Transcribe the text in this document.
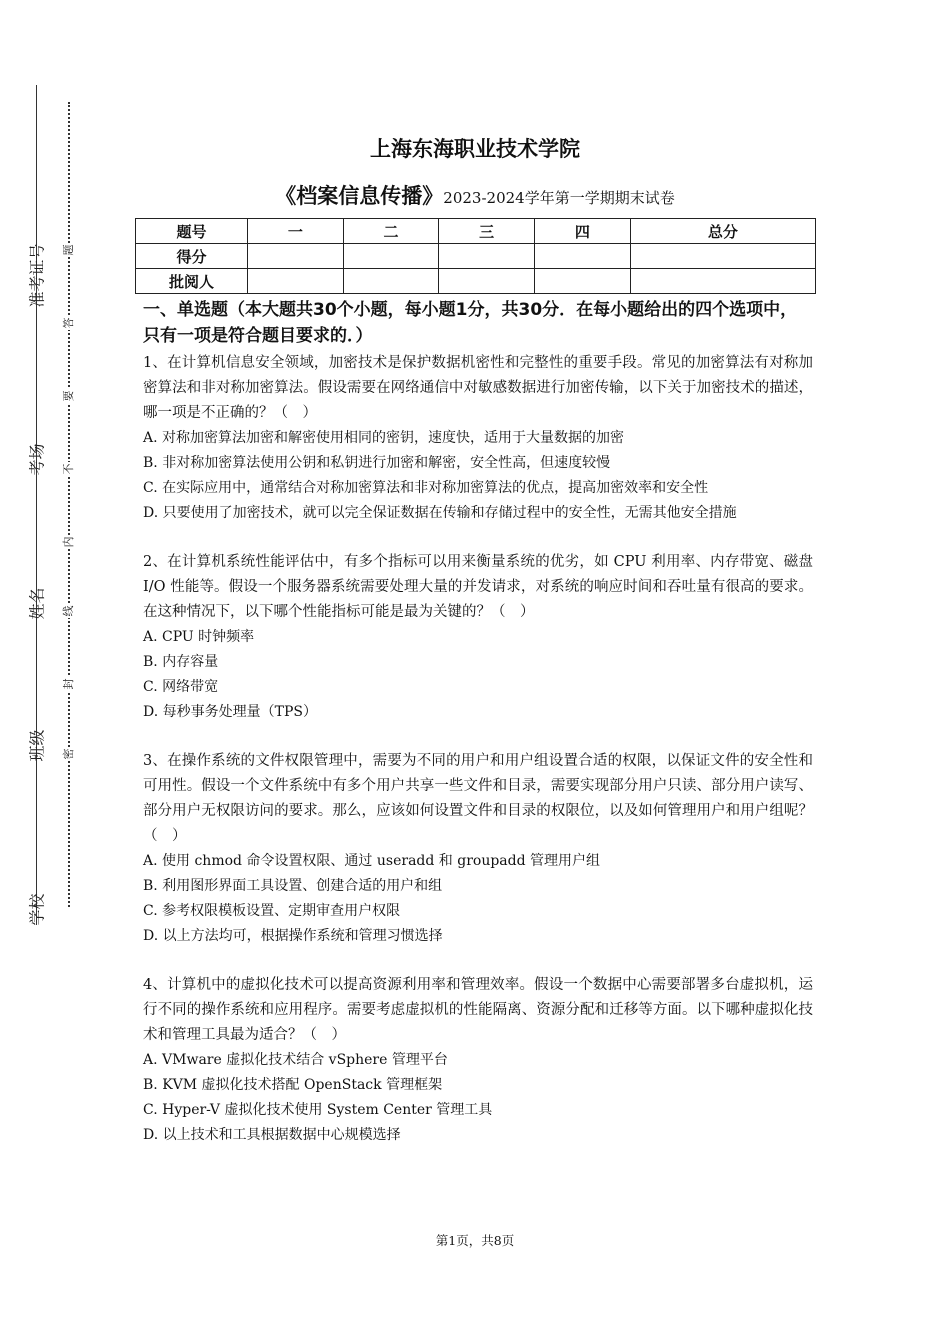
准考证号
考场
姓名
班级
学校
题
答
要
不
内
线
封
密
上海东海职业技术学院
《档案信息传播》2023-2024学年第一学期期末试卷
题号	一	二	三	四	总分
得分					
批阅人					
一、单选题（本大题共30个小题，每小题1分，共30分．在每小题给出的四个选项中，只有一项是符合题目要求的．）
1、在计算机信息安全领域，加密技术是保护数据机密性和完整性的重要手段。常见的加密算法有对称加密算法和非对称加密算法。假设需要在网络通信中对敏感数据进行加密传输，以下关于加密技术的描述，哪一项是不正确的？（　）
A. 对称加密算法加密和解密使用相同的密钥，速度快，适用于大量数据的加密
B. 非对称加密算法使用公钥和私钥进行加密和解密，安全性高，但速度较慢
C. 在实际应用中，通常结合对称加密算法和非对称加密算法的优点，提高加密效率和安全性
D. 只要使用了加密技术，就可以完全保证数据在传输和存储过程中的安全性，无需其他安全措施
2、在计算机系统性能评估中，有多个指标可以用来衡量系统的优劣，如 CPU 利用率、内存带宽、磁盘 I/O 性能等。假设一个服务器系统需要处理大量的并发请求，对系统的响应时间和吞吐量有很高的要求。在这种情况下，以下哪个性能指标可能是最为关键的？（　）
A. CPU 时钟频率
B. 内存容量
C. 网络带宽
D. 每秒事务处理量（TPS）
3、在操作系统的文件权限管理中，需要为不同的用户和用户组设置合适的权限，以保证文件的安全性和可用性。假设一个文件系统中有多个用户共享一些文件和目录，需要实现部分用户只读、部分用户读写、部分用户无权限访问的要求。那么，应该如何设置文件和目录的权限位，以及如何管理用户和用户组呢？（　）
A. 使用 chmod 命令设置权限、通过 useradd 和 groupadd 管理用户组
B. 利用图形界面工具设置、创建合适的用户和组
C. 参考权限模板设置、定期审查用户权限
D. 以上方法均可，根据操作系统和管理习惯选择
4、计算机中的虚拟化技术可以提高资源利用率和管理效率。假设一个数据中心需要部署多台虚拟机，运行不同的操作系统和应用程序。需要考虑虚拟机的性能隔离、资源分配和迁移等方面。以下哪种虚拟化技术和管理工具最为适合？（　）
A. VMware 虚拟化技术结合 vSphere 管理平台
B. KVM 虚拟化技术搭配 OpenStack 管理框架
C. Hyper-V 虚拟化技术使用 System Center 管理工具
D. 以上技术和工具根据数据中心规模选择
第1页，共8页
